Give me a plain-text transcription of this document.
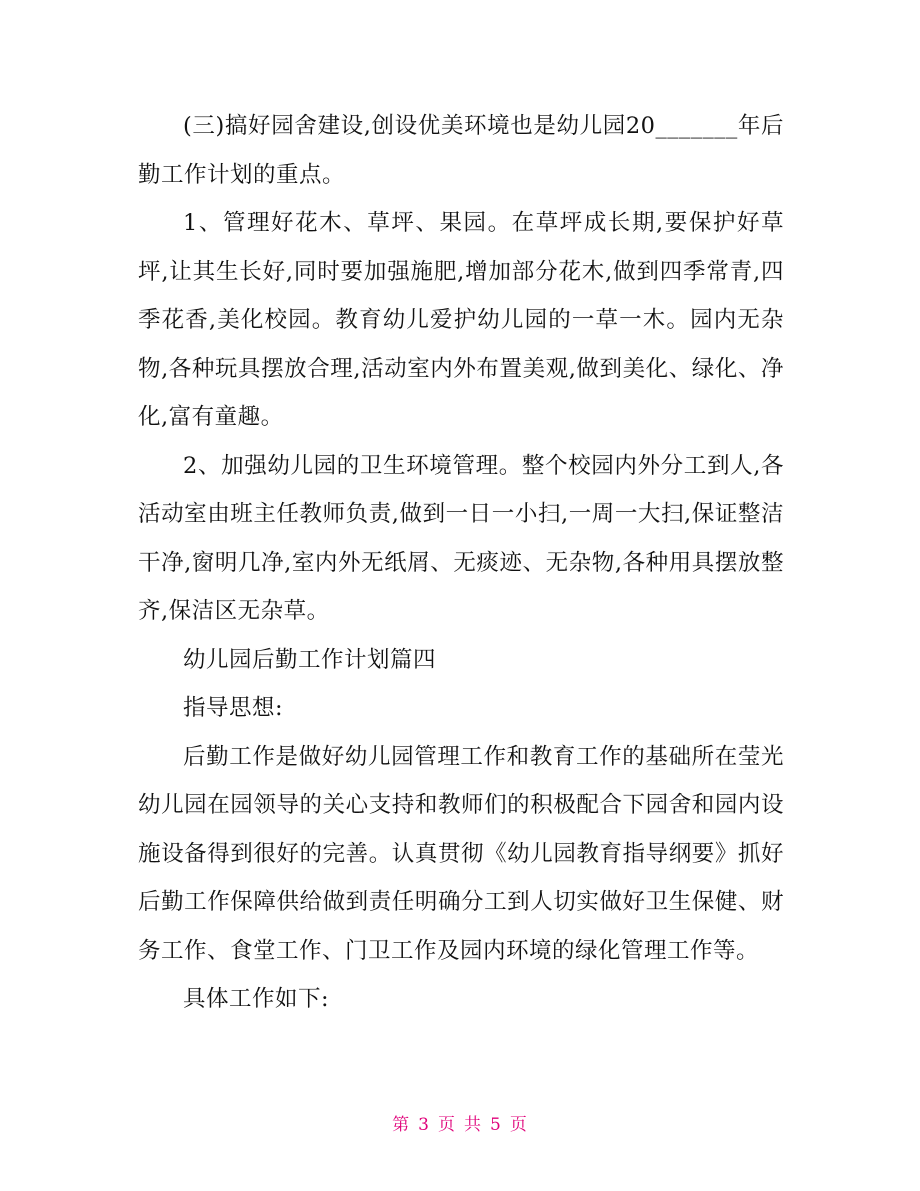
(三)搞好园舍建设,创设优美环境也是幼儿园20_______年后勤工作计划的重点。

1、管理好花木、草坪、果园。在草坪成长期,要保护好草坪,让其生长好,同时要加强施肥,增加部分花木,做到四季常青,四季花香,美化校园。教育幼儿爱护幼儿园的一草一木。园内无杂物,各种玩具摆放合理,活动室内外布置美观,做到美化、绿化、净化,富有童趣。

2、加强幼儿园的卫生环境管理。整个校园内外分工到人,各活动室由班主任教师负责,做到一日一小扫,一周一大扫,保证整洁干净,窗明几净,室内外无纸屑、无痰迹、无杂物,各种用具摆放整齐,保洁区无杂草。

幼儿园后勤工作计划篇四

指导思想:

后勤工作是做好幼儿园管理工作和教育工作的基础所在莹光幼儿园在园领导的关心支持和教师们的积极配合下园舍和园内设施设备得到很好的完善。认真贯彻《幼儿园教育指导纲要》抓好后勤工作保障供给做到责任明确分工到人切实做好卫生保健、财务工作、食堂工作、门卫工作及园内环境的绿化管理工作等。

具体工作如下:

第 3 页 共 5 页
